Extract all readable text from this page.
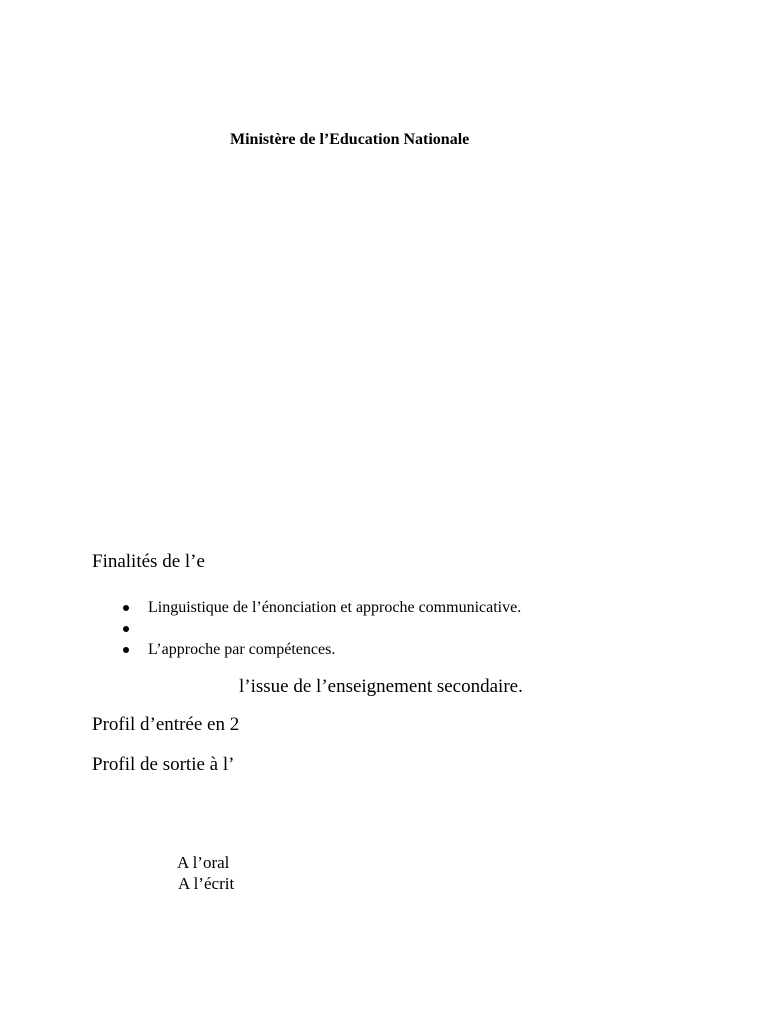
Ministère de l’Education Nationale
Finalités de l’e
Linguistique de l’énonciation et approche communicative.
L’approche par compétences.
l’issue de l’enseignement secondaire.
Profil d’entrée en 2
Profil de sortie à l’
A l’oral
A l’écrit
